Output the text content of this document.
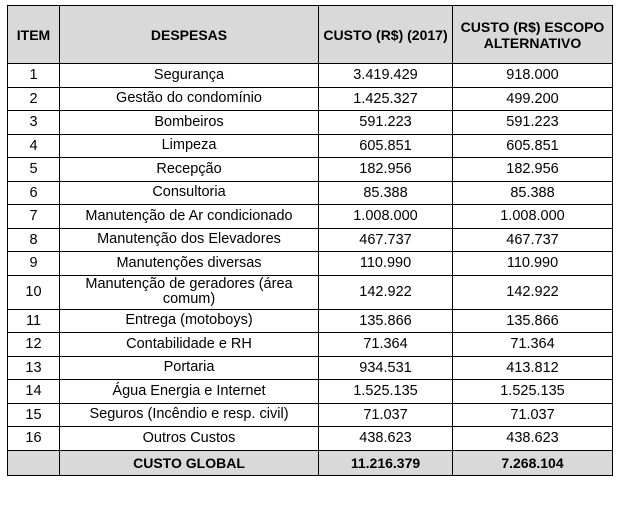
ITEM	DESPESAS	CUSTO (R$) (2017)	CUSTO (R$) ESCOPO ALTERNATIVO
1	Segurança	3.419.429	918.000
2	Gestão do condomínio	1.425.327	499.200
3	Bombeiros	591.223	591.223
4	Limpeza	605.851	605.851
5	Recepção	182.956	182.956
6	Consultoria	85.388	85.388
7	Manutenção de Ar condicionado	1.008.000	1.008.000
8	Manutenção dos Elevadores	467.737	467.737
9	Manutenções diversas	110.990	110.990
10	Manutenção de geradores (área comum)	142.922	142.922
11	Entrega (motoboys)	135.866	135.866
12	Contabilidade e RH	71.364	71.364
13	Portaria	934.531	413.812
14	Água Energia e Internet	1.525.135	1.525.135
15	Seguros (Incêndio e resp. civil)	71.037	71.037
16	Outros Custos	438.623	438.623
	CUSTO GLOBAL	11.216.379	7.268.104
